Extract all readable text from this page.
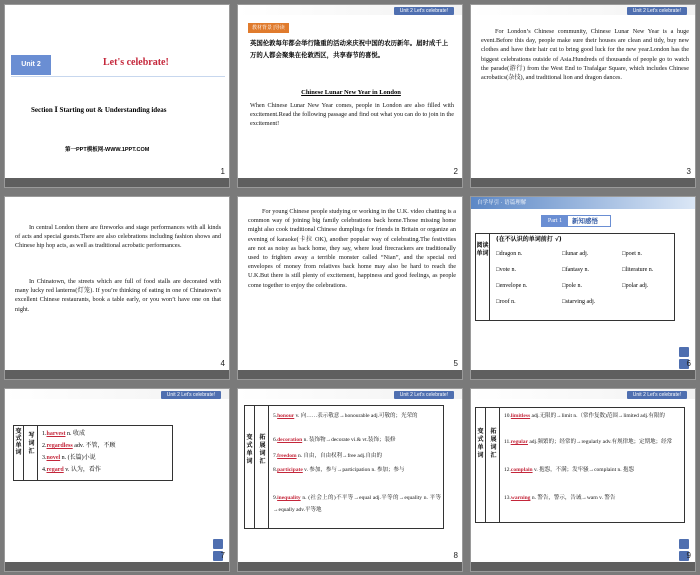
Unit 2	Let's celebrate!
Section Ⅰ Starting out & Understanding ideas
第一PPT模板网-WWW.1PPT.COM
1
Unit 2 Let's celebrate!
教材背景 |导读
英国伦敦每年都会举行隆重的活动来庆祝中国的农历新年。届时成千上万的人都会聚集在伦敦西区，共享春节的喜悦。
Chinese Lunar New Year in London
When Chinese Lunar New Year comes, people in London are also filled with excitement.Read the following passage and find out what you can do to join in the excitement!
2
Unit 2 Let's celebrate!
For London’s Chinese community, Chinese Lunar New Year is a huge event.Before this day, people make sure their houses are clean and tidy, buy new clothes and have their hair cut to bring good luck for the new year.London has the biggest celebrations outside of Asia.Hundreds of thousands of people go to watch the parade(游行) from the West End to Trafalgar Square, which includes Chinese acrobatics(杂技), and traditional lion and dragon dances.
3
In central London there are fireworks and stage performances with all kinds of acts and special guests.There are also celebrations including fashion shows and Chinese hip hop acts, as well as traditional acrobatic performances.
In Chinatown, the streets which are full of food stalls are decorated with many lucky red lanterns(灯笼). If you’re thinking of eating in one of Chinatown’s excellent Chinese restaurants, book a table early, or you won’t have one on that night.
4
For young Chinese people studying or working in the U.K. video chatting is a common way of joining big family celebrations back home.Those missing home might also cook traditional Chinese dumplings for friends in Britain or organize an evening of karaoke(卡拉 OK), another popular way of celebrating.The festivities are not as noisy as back home, they say, where loud firecrackers are traditionally used to frighten away a terrible monster called “Nian”, and the special red envelopes of money from relatives back home may also be hard to reach the U.K.But there is still plenty of excitement, happiness and good feelings, as people come together to enjoy the celebrations.
5
自学导引 · 语篇理解
Part 1	新知感悟
阅读单词
(在不认识的单词前打 √)
□dragon n.	□lunar adj.	□poet n.
□vote n.	□fantasy n.	□literature n.
□envelope n.	□pole n.	□polar adj.
□roof n.	□starving adj.
6
Unit 2 Let's celebrate!
变式单词
写词汇
1.harvest n. 收成
2.regardless adv. 不管，不顾
3.novel n. (长篇)小说
4.regard v. 认为，看作
7
Unit 2 Let's celebrate!
变式单词
拓展词汇
5.honour v. 向……表示敬意→honourable adj.可敬的；光荣的
6.decoration n. 装饰物→decorate vi.& vt.装饰；装修
7.freedom n. 自由，自由权利→free adj.自由的
8.participate v. 参加，参与→participation n. 参加；参与
9.inequality n. (社会上的)不平等→equal adj.平等的→equality n. 平等→equally adv.平等地
8
Unit 2 Let's celebrate!
变式单词
拓展词汇
10.limitless adj.无限的→limit n.（常作复数)范围→limited adj.有限的
11.regular adj.频繁的；经常的→regularly adv.有规律地；定期地；经常
12.complain v. 抱怨，不满；发牢骚→complaint n. 抱怨
13.warning n. 警告，警示，告诫→warn v. 警告
9
